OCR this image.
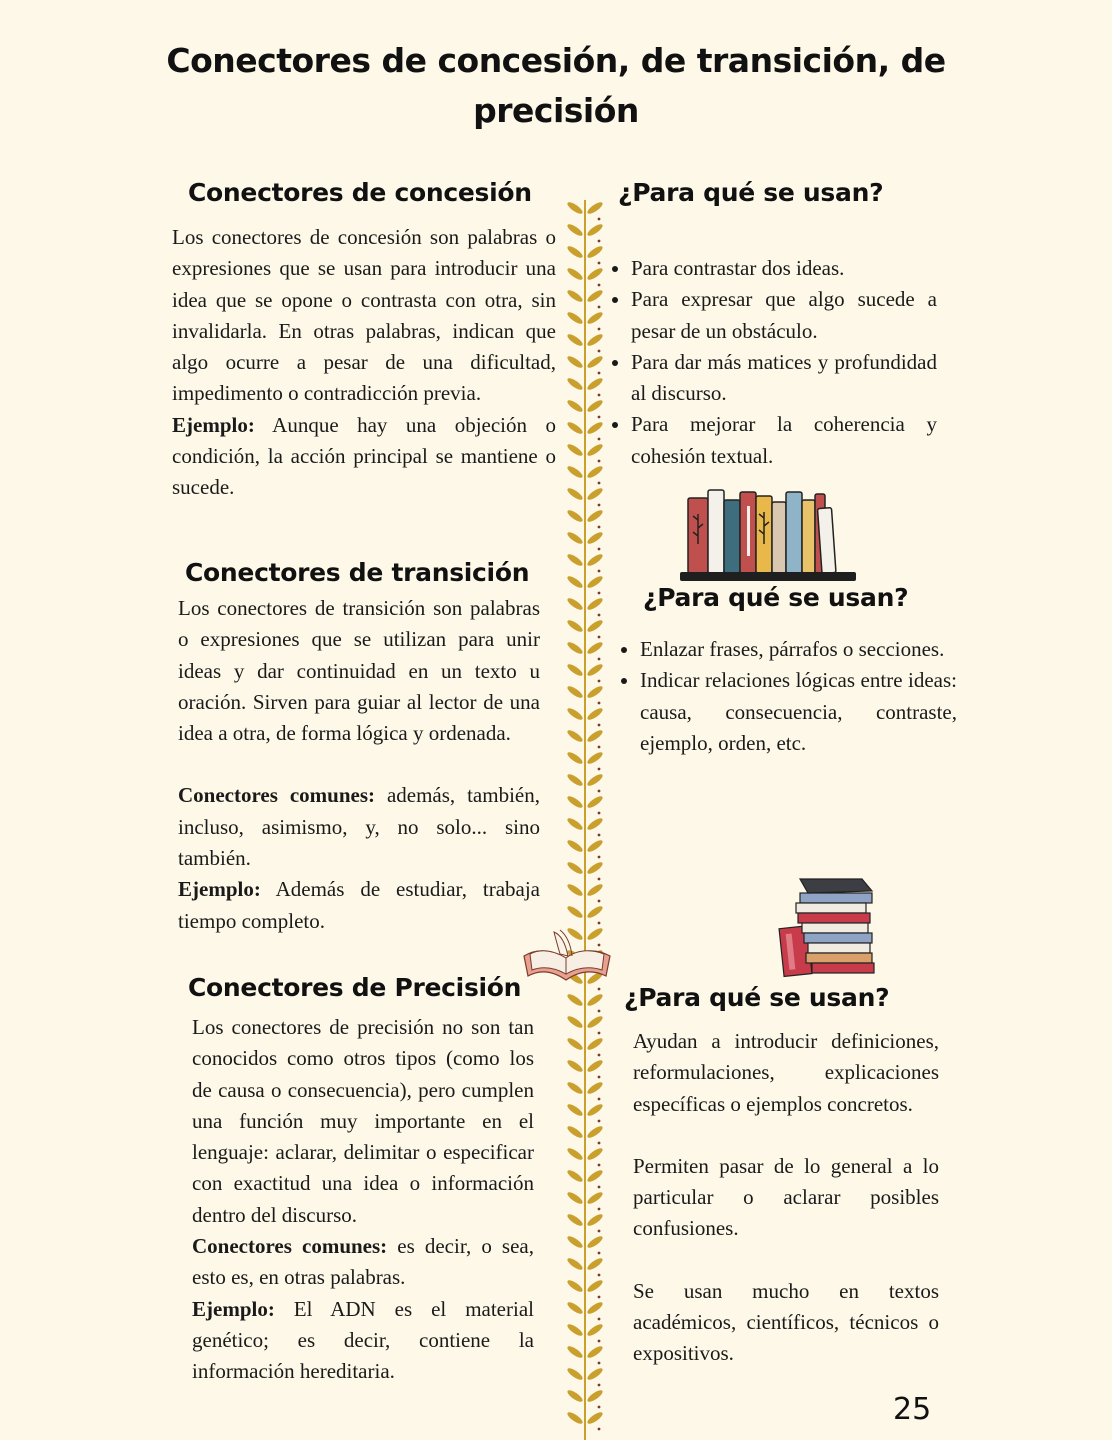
Conectores de concesión, de transición, de precisión
Conectores de concesión

Los conectores de concesión son palabras o expresiones que se usan para introducir una idea que se opone o contrasta con otra, sin invalidarla. En otras palabras, indican que algo ocurre a pesar de una dificultad, impedimento o contradicción previa.

Ejemplo: Aunque hay una objeción o condición, la acción principal se mantiene o sucede.

Conectores de transición

Los conectores de transición son palabras o expresiones que se utilizan para unir ideas y dar continuidad en un texto u oración. Sirven para guiar al lector de una idea a otra, de forma lógica y ordenada.

Conectores comunes: además, también, incluso, asimismo, y, no solo... sino también.

Ejemplo: Además de estudiar, trabaja tiempo completo.

Conectores de Precisión

Los conectores de precisión no son tan conocidos como otros tipos (como los de causa o consecuencia), pero cumplen una función muy importante en el lenguaje: aclarar, delimitar o especificar con exactitud una idea o información dentro del discurso.

Conectores comunes: es decir, o sea, esto es, en otras palabras.

Ejemplo: El ADN es el material genético; es decir, contiene la información hereditaria.

¿Para qué se usan?
• Para contrastar dos ideas.
• Para expresar que algo sucede a pesar de un obstáculo.
• Para dar más matices y profundidad al discurso.
• Para mejorar la coherencia y cohesión textual.
¿Para qué se usan?
• Enlazar frases, párrafos o secciones.
• Indicar relaciones lógicas entre ideas: causa, consecuencia, contraste, ejemplo, orden, etc.
¿Para qué se usan?

Ayudan a introducir definiciones, reformulaciones, explicaciones específicas o ejemplos concretos.

Permiten pasar de lo general a lo particular o aclarar posibles confusiones.

Se usan mucho en textos académicos, científicos, técnicos o expositivos.

25
